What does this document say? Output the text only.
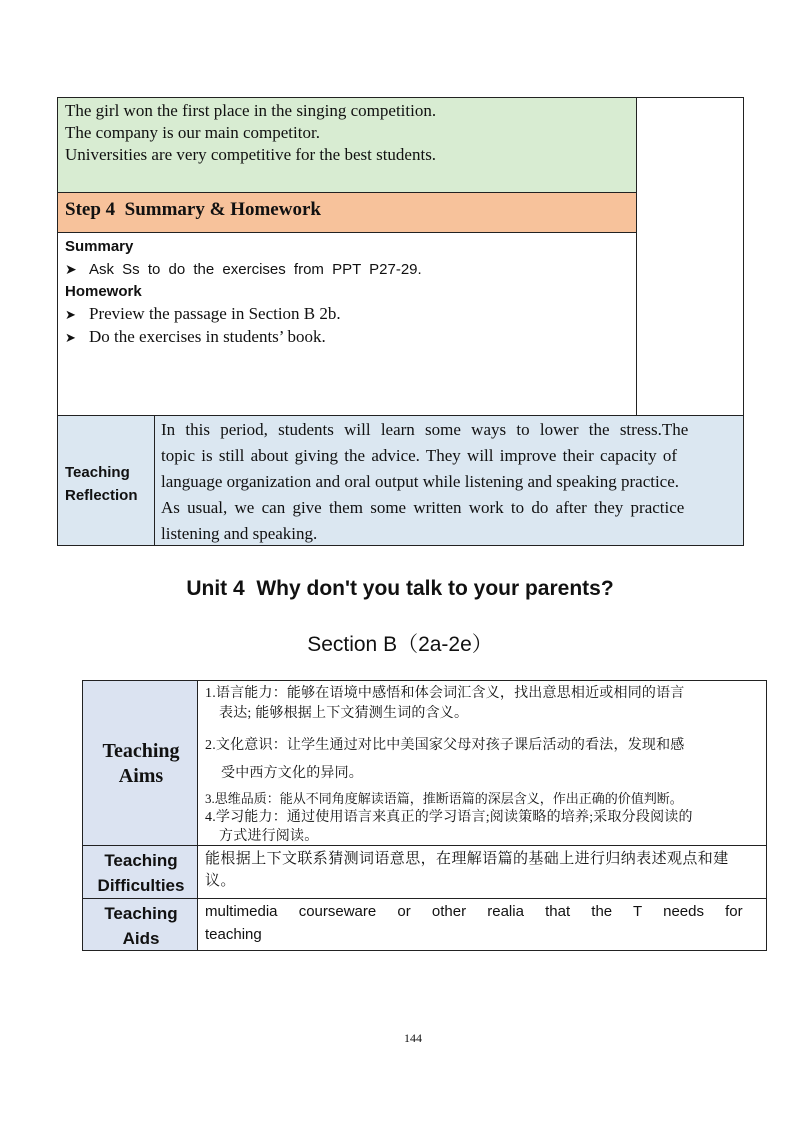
The girl won the first place in the singing competition.
The company is our main competitor.
Universities are very competitive for the best students.
Step 4  Summary & Homework
Summary
➤ Ask Ss to do the exercises from PPT P27-29.
Homework
➤ Preview the passage in Section B 2b.
➤ Do the exercises in students’ book.
Teaching
Reflection
In this period, students will learn some ways to lower the stress.The
topic is still about giving the advice. They will improve their capacity of
language organization and oral output while listening and speaking practice.
As usual, we can give them some written work to do after they practice
listening and speaking.
Unit 4  Why don't you talk to your parents?
Section B（2a-2e）
Teaching
Aims
1.语言能力：能够在语境中感悟和体会词汇含义，找出意思相近或相同的语言
表达; 能够根据上下文猜测生词的含义。
2.文化意识：让学生通过对比中美国家父母对孩子课后活动的看法，发现和感
受中西方文化的异同。
3.思维品质：能从不同角度解读语篇，推断语篇的深层含义，作出正确的价值判断。
4.学习能力：通过使用语言来真正的学习语言;阅读策略的培养;采取分段阅读的
方式进行阅读。
Teaching
Difficulties
能根据上下文联系猜测词语意思，在理解语篇的基础上进行归纳表述观点和建
议。
Teaching
Aids
multimedia courseware or other realia that the T needs for
teaching
144
